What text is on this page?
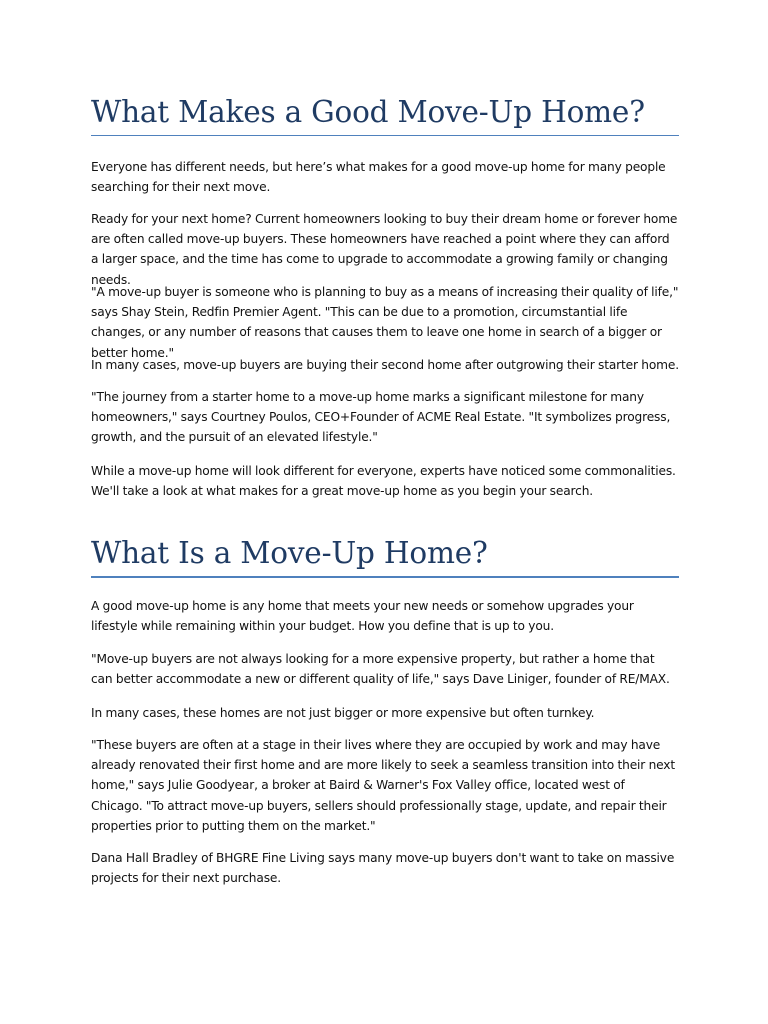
What Makes a Good Move-Up Home?

Everyone has different needs, but here’s what makes for a good move-up home for many people searching for their next move.

Ready for your next home? Current homeowners looking to buy their dream home or forever home are often called move-up buyers. These homeowners have reached a point where they can afford a larger space, and the time has come to upgrade to accommodate a growing family or changing needs.

"A move-up buyer is someone who is planning to buy as a means of increasing their quality of life," says Shay Stein, Redfin Premier Agent. "This can be due to a promotion, circumstantial life changes, or any number of reasons that causes them to leave one home in search of a bigger or better home."

In many cases, move-up buyers are buying their second home after outgrowing their starter home.

"The journey from a starter home to a move-up home marks a significant milestone for many homeowners," says Courtney Poulos, CEO+Founder of ACME Real Estate. "It symbolizes progress, growth, and the pursuit of an elevated lifestyle."

While a move-up home will look different for everyone, experts have noticed some commonalities. We'll take a look at what makes for a great move-up home as you begin your search.

What Is a Move-Up Home?

A good move-up home is any home that meets your new needs or somehow upgrades your lifestyle while remaining within your budget. How you define that is up to you.

"Move-up buyers are not always looking for a more expensive property, but rather a home that can better accommodate a new or different quality of life," says Dave Liniger, founder of RE/MAX.

In many cases, these homes are not just bigger or more expensive but often turnkey.

"These buyers are often at a stage in their lives where they are occupied by work and may have already renovated their first home and are more likely to seek a seamless transition into their next home," says Julie Goodyear, a broker at Baird & Warner's Fox Valley office, located west of Chicago. "To attract move-up buyers, sellers should professionally stage, update, and repair their properties prior to putting them on the market."

Dana Hall Bradley of BHGRE Fine Living says many move-up buyers don't want to take on massive projects for their next purchase.
